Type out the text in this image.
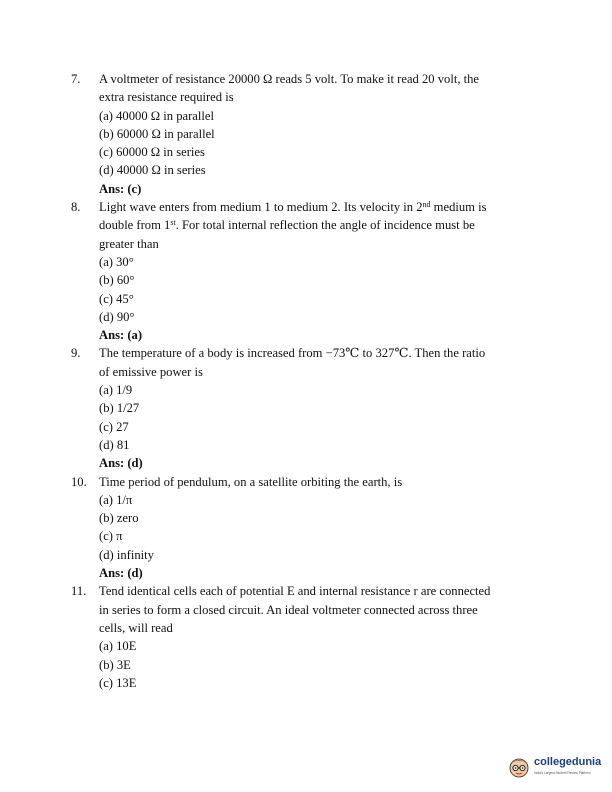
7. A voltmeter of resistance 20000 Ω reads 5 volt. To make it read 20 volt, the
extra resistance required is
(a) 40000 Ω in parallel
(b) 60000 Ω in parallel
(c) 60000 Ω in series
(d) 40000 Ω in series
Ans: (c)
8. Light wave enters from medium 1 to medium 2. Its velocity in 2nd medium is
double from 1st. For total internal reflection the angle of incidence must be
greater than
(a) 30°
(b) 60°
(c) 45°
(d) 90°
Ans: (a)
9. The temperature of a body is increased from −73℃ to 327℃. Then the ratio
of emissive power is
(a) 1/9
(b) 1/27
(c) 27
(d) 81
Ans: (d)
10. Time period of pendulum, on a satellite orbiting the earth, is
(a) 1/π
(b) zero
(c) π
(d) infinity
Ans: (d)
11. Tend identical cells each of potential E and internal resistance r are connected
in series to form a closed circuit. An ideal voltmeter connected across three
cells, will read
(a) 10E
(b) 3E
(c) 13E
collegedunia
India's Largest Student Review Platform
